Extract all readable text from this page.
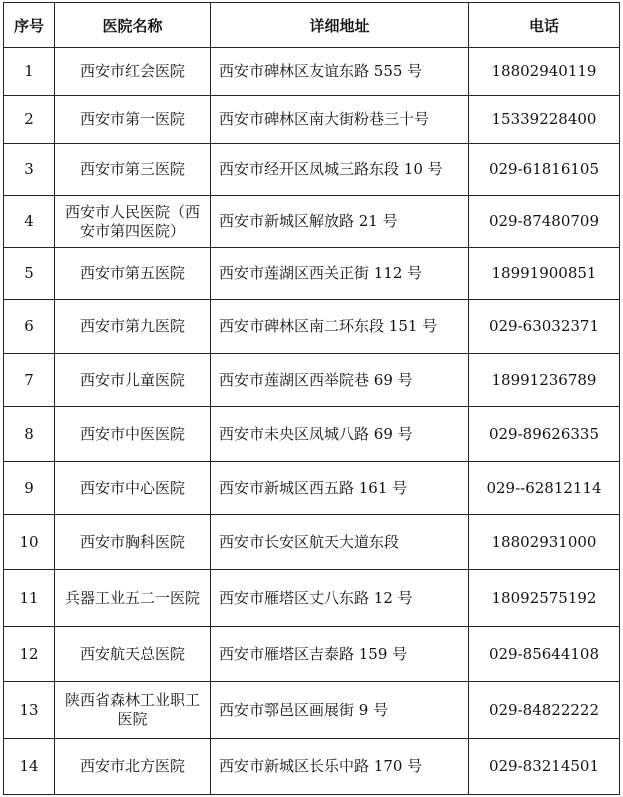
序号	医院名称	详细地址	电话
1	西安市红会医院	西安市碑林区友谊东路 555 号	18802940119
2	西安市第一医院	西安市碑林区南大街粉巷三十号	15339228400
3	西安市第三医院	西安市经开区凤城三路东段 10 号	029-61816105
4	西安市人民医院（西安市第四医院）	西安市新城区解放路 21 号	029-87480709
5	西安市第五医院	西安市莲湖区西关正街 112 号	18991900851
6	西安市第九医院	西安市碑林区南二环东段 151 号	029-63032371
7	西安市儿童医院	西安市莲湖区西举院巷 69 号	18991236789
8	西安市中医医院	西安市未央区凤城八路 69 号	029-89626335
9	西安市中心医院	西安市新城区西五路 161 号	029--62812114
10	西安市胸科医院	西安市长安区航天大道东段	18802931000
11	兵器工业五二一医院	西安市雁塔区丈八东路 12 号	18092575192
12	西安航天总医院	西安市雁塔区吉泰路 159 号	029-85644108
13	陕西省森林工业职工医院	西安市鄠邑区画展街 9 号	029-84822222
14	西安市北方医院	西安市新城区长乐中路 170 号	029-83214501
